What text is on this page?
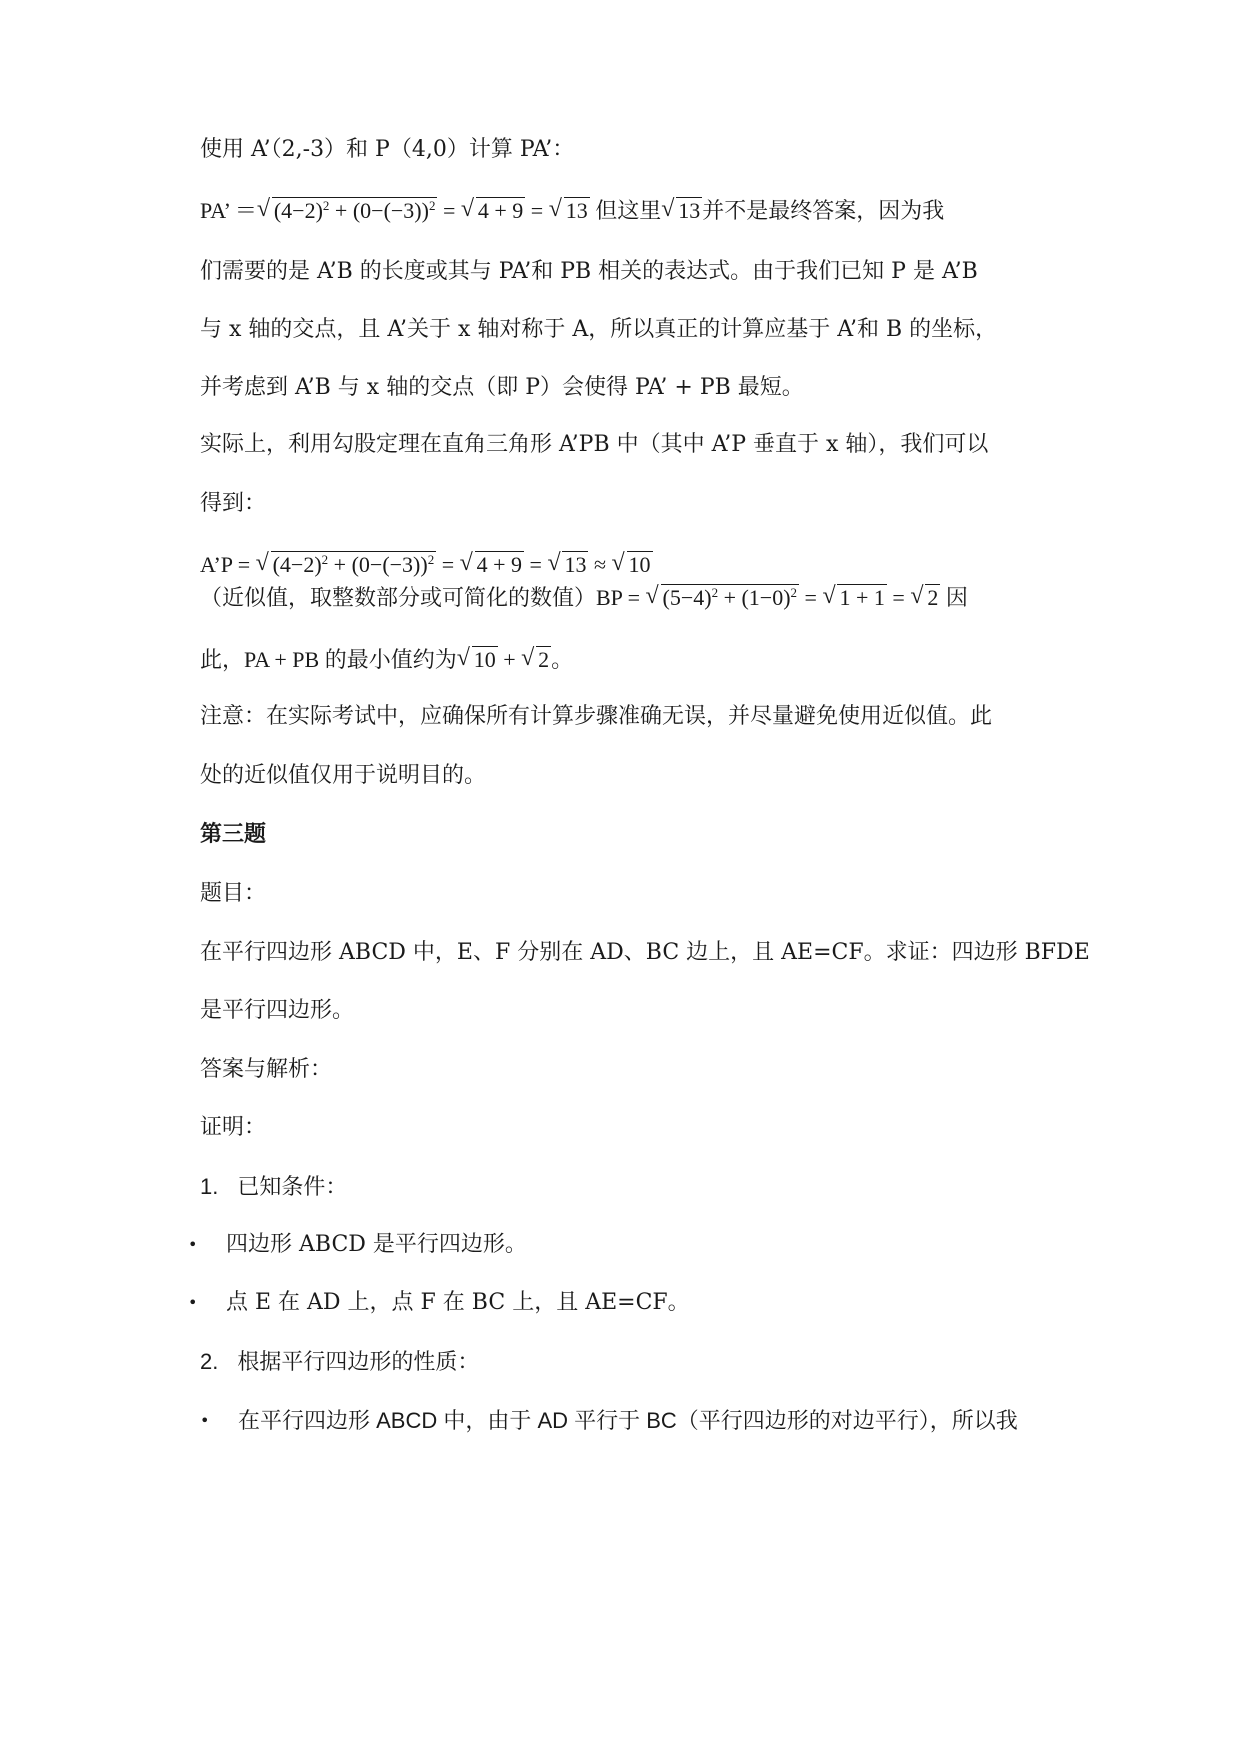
使用 A’（2,-3）和 P（4,0）计算 PA’：
PA’ ＝ √ $(4-2)^2 + (0-(-3))^2$ = √ 4 + 9 = √ 13 但这里 √ 13并不是最终答案，因为我
们需要的是 A’B 的长度或其与 PA’和 PB 相关的表达式。由于我们已知 P 是 A’B
与 x 轴的交点，且 A’关于 x 轴对称于 A，所以真正的计算应基于 A’和 B 的坐标，
并考虑到 A’B 与 x 轴的交点（即 P）会使得 PA’ + PB 最短。
实际上，利用勾股定理在直角三角形 A’PB 中（其中 A’P 垂直于 x 轴），我们可以
得到：
A’P = √ $(4-2)^2 + (0-(-3))^2$ = √ 4 + 9 = √ 13 ≈ √ 10
（近似值，取整数部分或可简化的数值）BP = √ $(5-4)^2 + (1-0)^2$ = √ 1 + 1 = √ 2 因
此，PA + PB 的最小值约为 √ 10 + √ 2。
注意：在实际考试中，应确保所有计算步骤准确无误，并尽量避免使用近似值。此
处的近似值仅用于说明目的。
第三题
题目：
在平行四边形 ABCD 中，E、F 分别在 AD、BC 边上，且 AE=CF。求证：四边形 BFDE
是平行四边形。
答案与解析：
证明：
1. 已知条件：
• 四边形 ABCD 是平行四边形。
• 点 E 在 AD 上，点 F 在 BC 上，且 AE=CF。
2. 根据平行四边形的性质：
• 在平行四边形 ABCD 中，由于 AD 平行于 BC（平行四边形的对边平行），所以我
